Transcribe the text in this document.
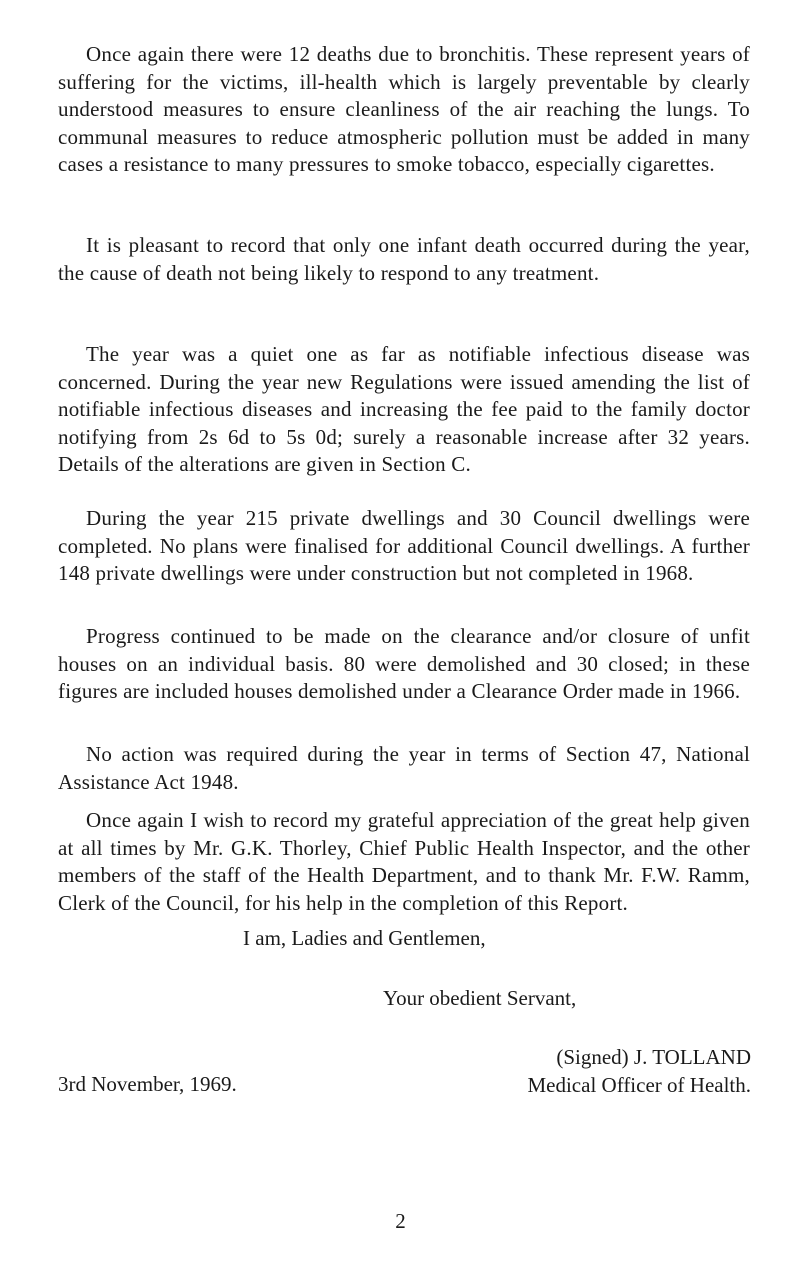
Once again there were 12 deaths due to bronchitis. These represent years of suffering for the victims, ill-health which is largely preventable by clearly understood measures to ensure cleanliness of the air reaching the lungs. To communal measures to reduce atmospheric pollution must be added in many cases a resistance to many pressures to smoke tobacco, especially cigarettes.

It is pleasant to record that only one infant death occurred during the year, the cause of death not being likely to respond to any treatment.

The year was a quiet one as far as notifiable infectious disease was concerned. During the year new Regulations were issued amending the list of notifiable infectious diseases and increasing the fee paid to the family doctor notifying from 2s 6d to 5s 0d; surely a reasonable increase after 32 years. Details of the alterations are given in Section C.

During the year 215 private dwellings and 30 Council dwellings were completed. No plans were finalised for additional Council dwellings. A further 148 private dwellings were under construction but not completed in 1968.

Progress continued to be made on the clearance and/or closure of unfit houses on an individual basis. 80 were demolished and 30 closed; in these figures are included houses demolished under a Clearance Order made in 1966.

No action was required during the year in terms of Section 47, National Assistance Act 1948.

Once again I wish to record my grateful appreciation of the great help given at all times by Mr. G.K. Thorley, Chief Public Health Inspector, and the other members of the staff of the Health Department, and to thank Mr. F.W. Ramm, Clerk of the Council, for his help in the completion of this Report.

I am, Ladies and Gentlemen,

Your obedient Servant,

(Signed) J. TOLLAND
Medical Officer of Health.

3rd November, 1969.

2
